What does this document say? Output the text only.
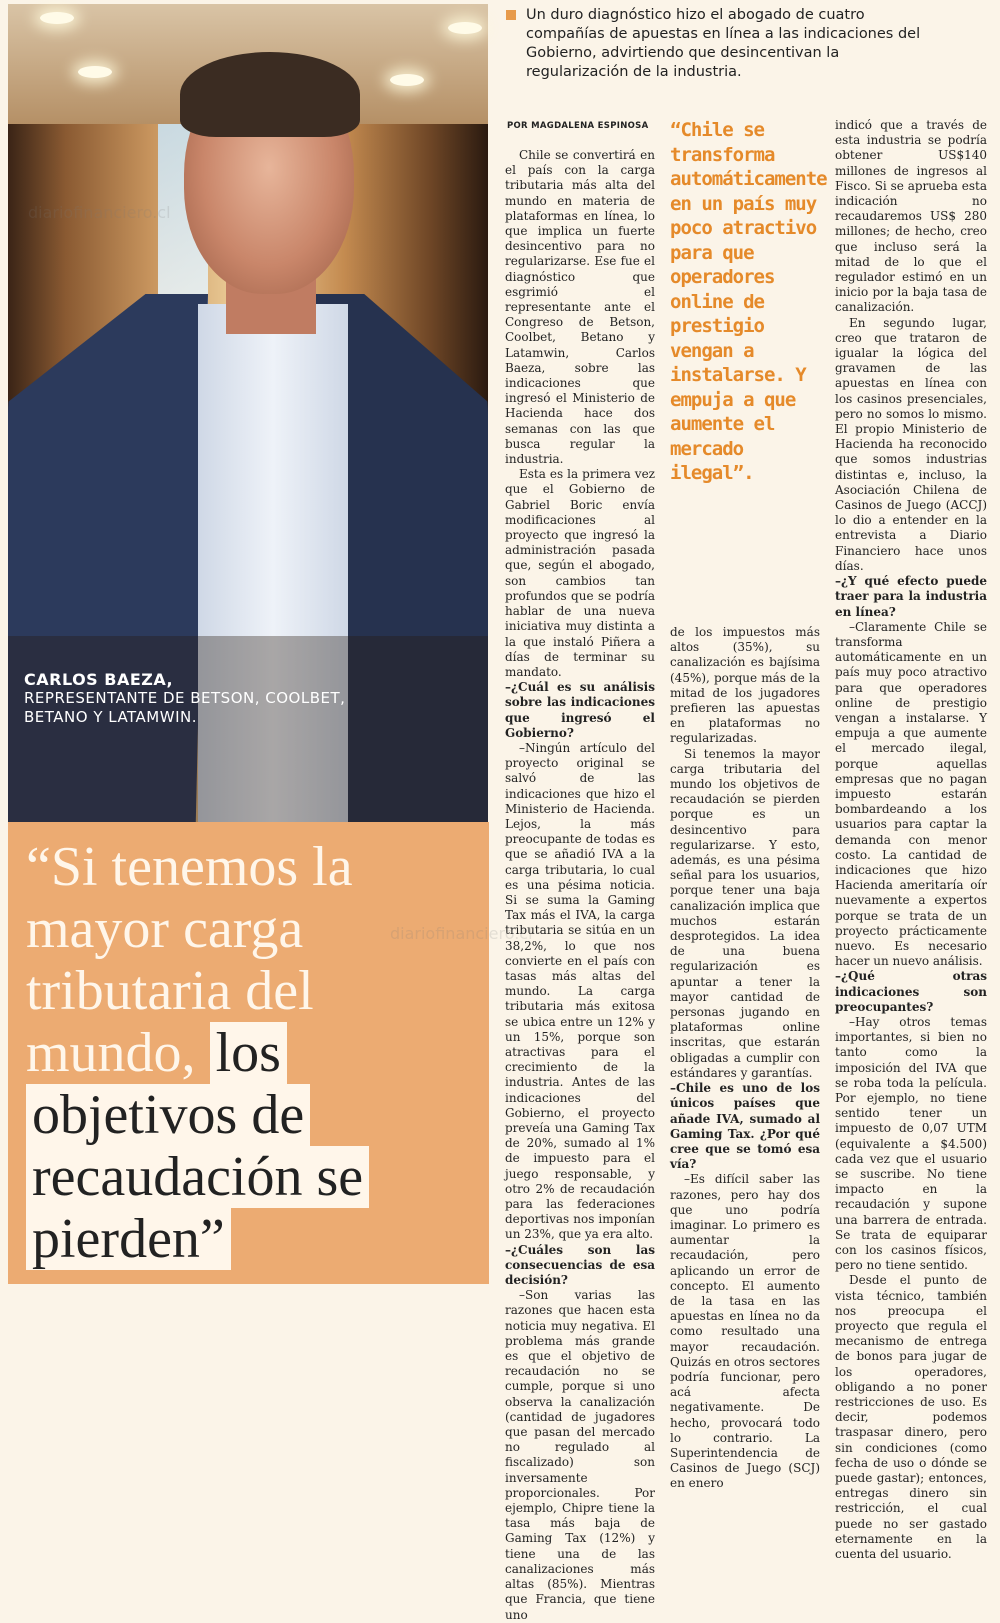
CARLOS BAEZA,
REPRESENTANTE DE BETSON, COOLBET,
BETANO Y LATAMWIN.
Un duro diagnóstico hizo el abogado de cuatro compañías de apuestas en línea a las indicaciones del Gobierno, advirtiendo que desincentivan la regularización de la industria.
POR MAGDALENA ESPINOSA

Chile se convertirá en el país con la carga tributaria más alta del mundo en materia de plataformas en línea, lo que implica un fuerte desincentivo para no regularizarse. Ese fue el diagnóstico que esgrimió el representante ante el Congreso de Betson, Coolbet, Betano y Latamwin, Carlos Baeza, sobre las indicaciones que ingresó el Ministerio de Hacienda hace dos semanas con las que busca regular la industria.

Esta es la primera vez que el Gobierno de Gabriel Boric envía modificaciones al proyecto que ingresó la administración pasada que, según el abogado, son cambios tan profundos que se podría hablar de una nueva iniciativa muy distinta a la que instaló Piñera a días de terminar su mandato.

–¿Cuál es su análisis sobre las indicaciones que ingresó el Gobierno?

–Ningún artículo del proyecto original se salvó de las indicaciones que hizo el Ministerio de Hacienda. Lejos, la más preocupante de todas es que se añadió IVA a la carga tributaria, lo cual es una pésima noticia. Si se suma la Gaming Tax más el IVA, la carga tributaria se sitúa en un 38,2%, lo que nos convierte en el país con tasas más altas del mundo. La carga tributaria más exitosa se ubica entre un 12% y un 15%, porque son atractivas para el crecimiento de la industria. Antes de las indicaciones del Gobierno, el proyecto preveía una Gaming Tax de 20%, sumado al 1% de impuesto para el juego responsable, y otro 2% de recaudación para las federaciones deportivas nos imponían un 23%, que ya era alto.

–¿Cuáles son las consecuencias de esa decisión?

–Son varias las razones que hacen esta noticia muy negativa. El problema más grande es que el objetivo de recaudación no se cumple, porque si uno observa la canalización (cantidad de jugadores que pasan del mercado no regulado al fiscalizado) son inversamente proporcionales. Por ejemplo, Chipre tiene la tasa más baja de Gaming Tax (12%) y tiene una de las canalizaciones más altas (85%). Mientras que Francia, que tiene uno

“Chile se transforma automáticamente en un país muy poco atractivo para que operadores online de prestigio vengan a instalarse. Y empuja a que aumente el mercado ilegal”.

de los impuestos más altos (35%), su canalización es bajísima (45%), porque más de la mitad de los jugadores prefieren las apuestas en plataformas no regularizadas.

Si tenemos la mayor carga tributaria del mundo los objetivos de recaudación se pierden porque es un desincentivo para regularizarse. Y esto, además, es una pésima señal para los usuarios, porque tener una baja canalización implica que muchos estarán desprotegidos. La idea de una buena regularización es apuntar a tener la mayor cantidad de personas jugando en plataformas online inscritas, que estarán obligadas a cumplir con estándares y garantías.

–Chile es uno de los únicos países que añade IVA, sumado al Gaming Tax. ¿Por qué cree que se tomó esa vía?

–Es difícil saber las razones, pero hay dos que uno podría imaginar. Lo primero es aumentar la recaudación, pero aplicando un error de concepto. El aumento de la tasa en las apuestas en línea no da como resultado una mayor recaudación. Quizás en otros sectores podría funcionar, pero acá afecta negativamente. De hecho, provocará todo lo contrario. La Superintendencia de Casinos de Juego (SCJ) en enero

indicó que a través de esta industria se podría obtener US$140 millones de ingresos al Fisco. Si se aprueba esta indicación no recaudaremos US$ 280 millones; de hecho, creo que incluso será la mitad de lo que el regulador estimó en un inicio por la baja tasa de canalización.

En segundo lugar, creo que trataron de igualar la lógica del gravamen de las apuestas en línea con los casinos presenciales, pero no somos lo mismo. El propio Ministerio de Hacienda ha reconocido que somos industrias distintas e, incluso, la Asociación Chilena de Casinos de Juego (ACCJ) lo dio a entender en la entrevista a Diario Financiero hace unos días.

–¿Y qué efecto puede traer para la industria en línea?

–Claramente Chile se transforma automáticamente en un país muy poco atractivo para que operadores online de prestigio vengan a instalarse. Y empuja a que aumente el mercado ilegal, porque aquellas empresas que no pagan impuesto estarán bombardeando a los usuarios para captar la demanda con menor costo. La cantidad de indicaciones que hizo Hacienda ameritaría oír nuevamente a expertos porque se trata de un proyecto prácticamente nuevo. Es necesario hacer un nuevo análisis.

–¿Qué otras indicaciones son preocupantes?

–Hay otros temas importantes, si bien no tanto como la imposición del IVA que se roba toda la película. Por ejemplo, no tiene sentido tener un impuesto de 0,07 UTM (equivalente a $4.500) cada vez que el usuario se suscribe. No tiene impacto en la recaudación y supone una barrera de entrada. Se trata de equiparar con los casinos físicos, pero no tiene sentido.

Desde el punto de vista técnico, también nos preocupa el proyecto que regula el mecanismo de entrega de bonos para jugar de los operadores, obligando a no poner restricciones de uso. Es decir, podemos traspasar dinero, pero sin condiciones (como fecha de uso o dónde se puede gastar); entonces, entregas dinero sin restricción, el cual puede no ser gastado eternamente en la cuenta del usuario.

“Si tenemos la mayor carga tributaria del mundo, los objetivos de recaudación se pierden”
diariofinanciero.cl
diariofinanciero.cl
